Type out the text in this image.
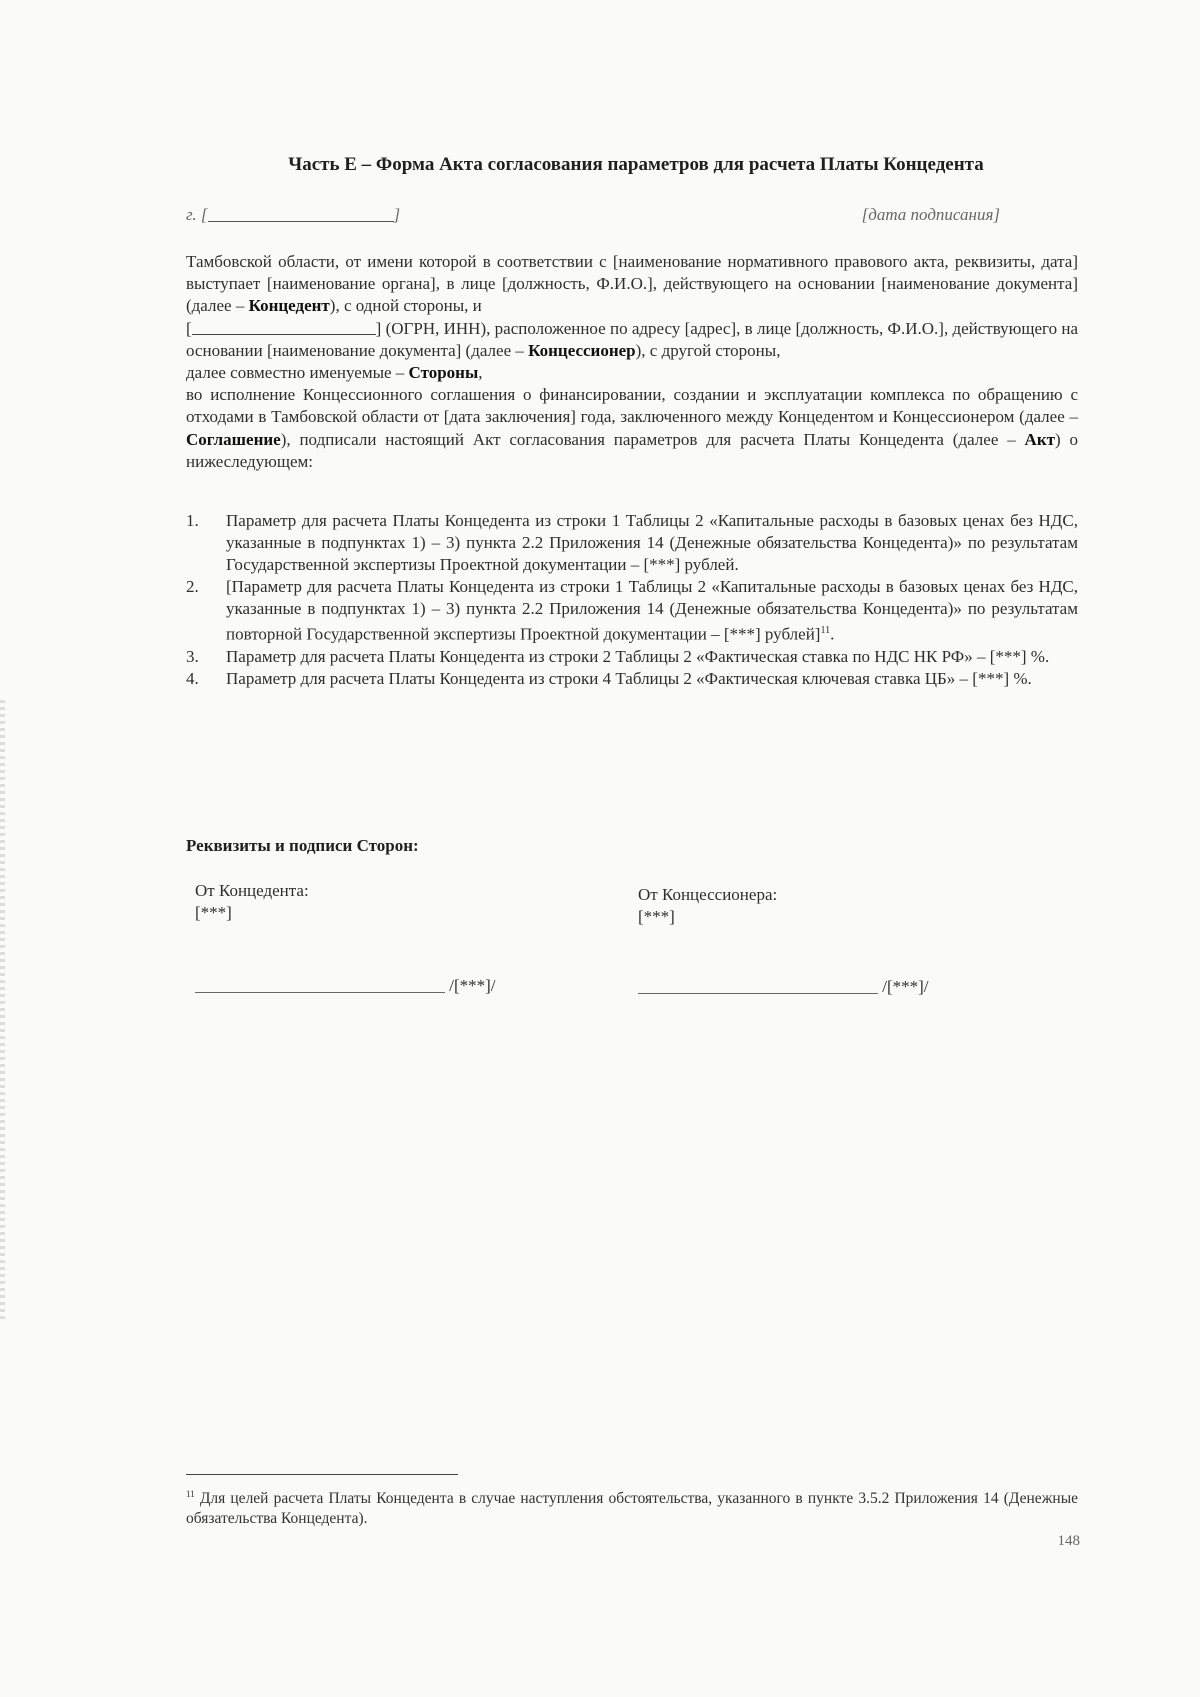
Часть Е – Форма Акта согласования параметров для расчета Платы Концедента
г. [	]	[дата подписания]

Тамбовской области, от имени которой в соответствии с [наименование нормативного правового акта, реквизиты, дата] выступает [наименование органа], в лице [должность, Ф.И.О.], действующего на основании [наименование документа] (далее – Концедент), с одной стороны, и

[	] (ОГРН, ИНН), расположенное по адресу [адрес], в лице [должность, Ф.И.О.], действующего на основании [наименование документа] (далее – Концессионер), с другой стороны,

далее совместно именуемые – Стороны,

во исполнение Концессионного соглашения о финансировании, создании и эксплуатации комплекса по обращению с отходами в Тамбовской области от [дата заключения] года, заключенного между Концедентом и Концессионером (далее – Соглашение), подписали настоящий Акт согласования параметров для расчета Платы Концедента (далее – Акт) о нижеследующем:

1.	Параметр для расчета Платы Концедента из строки 1 Таблицы 2 «Капитальные расходы в базовых ценах без НДС, указанные в подпунктах 1) – 3) пункта 2.2 Приложения 14 (Денежные обязательства Концедента)» по результатам Государственной экспертизы Проектной документации – [***] рублей.
2.	[Параметр для расчета Платы Концедента из строки 1 Таблицы 2 «Капитальные расходы в базовых ценах без НДС, указанные в подпунктах 1) – 3) пункта 2.2 Приложения 14 (Денежные обязательства Концедента)» по результатам повторной Государственной экспертизы Проектной документации – [***] рублей]$^{11}$.
3.	Параметр для расчета Платы Концедента из строки 2 Таблицы 2 «Фактическая ставка по НДС НК РФ» – [***] %.
4.	Параметр для расчета Платы Концедента из строки 4 Таблицы 2 «Фактическая ключевая ставка ЦБ» – [***] %.
Реквизиты и подписи Сторон:
От Концедента:
[***]
От Концессионера:
[***]
/[***]/	/[***]/
$^{11}$ Для целей расчета Платы Концедента в случае наступления обстоятельства, указанного в пункте 3.5.2 Приложения 14 (Денежные обязательства Концедента).
148
